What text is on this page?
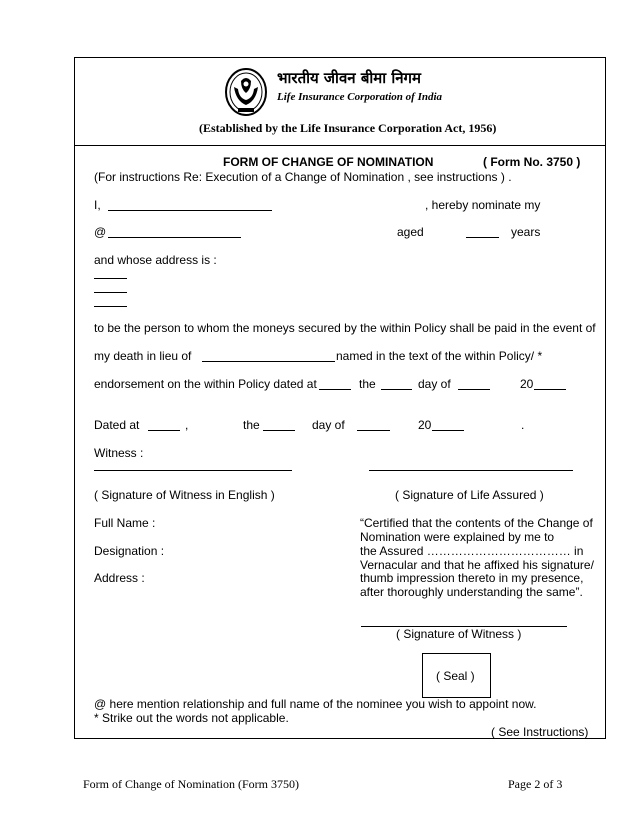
भारतीय जीवन बीमा निगम
Life Insurance Corporation of India
(Established by the Life Insurance Corporation Act, 1956)
FORM OF CHANGE OF NOMINATION	( Form No. 3750 )
(For instructions Re: Execution of a Change of Nomination , see instructions ) .
I,	, hereby nominate my
@	aged	years
and whose address is :
to be the person to whom the moneys secured by the within Policy shall be paid in the event of
my death in lieu of	named in the text of the within Policy/ *
endorsement on the within Policy dated at	the	day of	20
Dated at	,	the	day of	20	.
Witness :
( Signature of Witness in English )	( Signature of Life Assured )
Full Name :
Designation :
Address :
“Certified that the contents of the Change of
Nomination were explained by me to
the Assured ……………………………… in
Vernacular and that he affixed his signature/
thumb impression thereto in my presence,
after thoroughly understanding the same”.
( Signature of Witness )
( Seal )
@ here mention relationship and full name of the nominee you wish to appoint now.
* Strike out the words not applicable.
( See Instructions)
Form of Change of Nomination (Form 3750)	Page 2 of 3
